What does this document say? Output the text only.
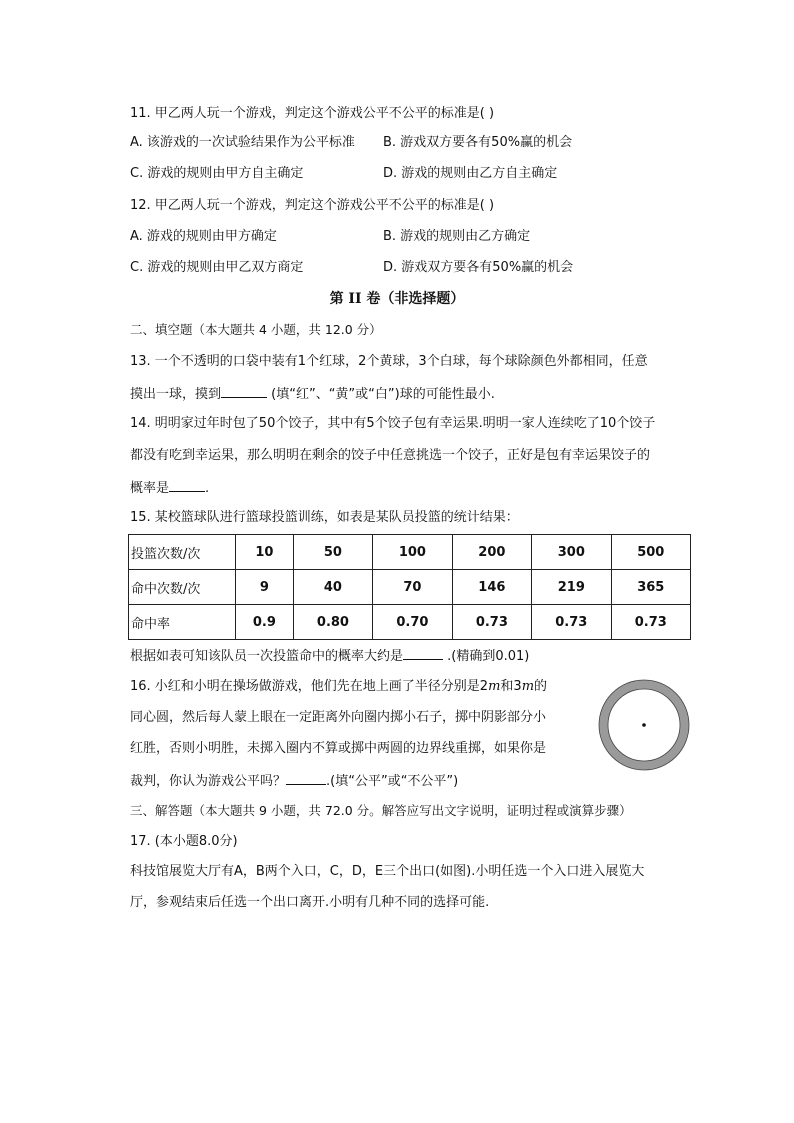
11. 甲乙两人玩一个游戏，判定这个游戏公平不公平的标准是( )
A. 该游戏的一次试验结果作为公平标准 B. 游戏双方要各有50%赢的机会
C. 游戏的规则由甲方自主确定	D. 游戏的规则由乙方自主确定
12. 甲乙两人玩一个游戏，判定这个游戏公平不公平的标准是( )
A. 游戏的规则由甲方确定	B. 游戏的规则由乙方确定
C. 游戏的规则由甲乙双方商定	D. 游戏双方要各有50%赢的机会
第 II 卷（非选择题）
二、填空题（本大题共 4 小题，共 12.0 分）
13. 一个不透明的口袋中装有1个红球，2个黄球，3个白球，每个球除颜色外都相同，任意
摸出一球，摸到	(填“红”、“黄”或“白”)球的可能性最小.
14. 明明家过年时包了50个饺子，其中有5个饺子包有幸运果.明明一家人连续吃了10个饺子
都没有吃到幸运果，那么明明在剩余的饺子中任意挑选一个饺子，正好是包有幸运果饺子的
概率是	.
15. 某校篮球队进行篮球投篮训练，如表是某队员投篮的统计结果：
投篮次数/次	10	50	100	200	300	500
命中次数/次	9	40	70	146	219	365
命中率	0.9	0.80	0.70	0.73	0.73	0.73
根据如表可知该队员一次投篮命中的概率大约是	.(精确到0.01)
16. 小红和小明在操场做游戏，他们先在地上画了半径分别是2m和3m的
同心圆，然后每人蒙上眼在一定距离外向圈内掷小石子，掷中阴影部分小
红胜，否则小明胜，未掷入圈内不算或掷中两圆的边界线重掷，如果你是
裁判，你认为游戏公平吗？	.(填“公平”或“不公平”)
三、解答题（本大题共 9 小题，共 72.0 分。解答应写出文字说明，证明过程或演算步骤）
17. (本小题8.0分)
科技馆展览大厅有A，B两个入口，C，D，E三个出口(如图).小明任选一个入口进入展览大
厅，参观结束后任选一个出口离开.小明有几种不同的选择可能.
